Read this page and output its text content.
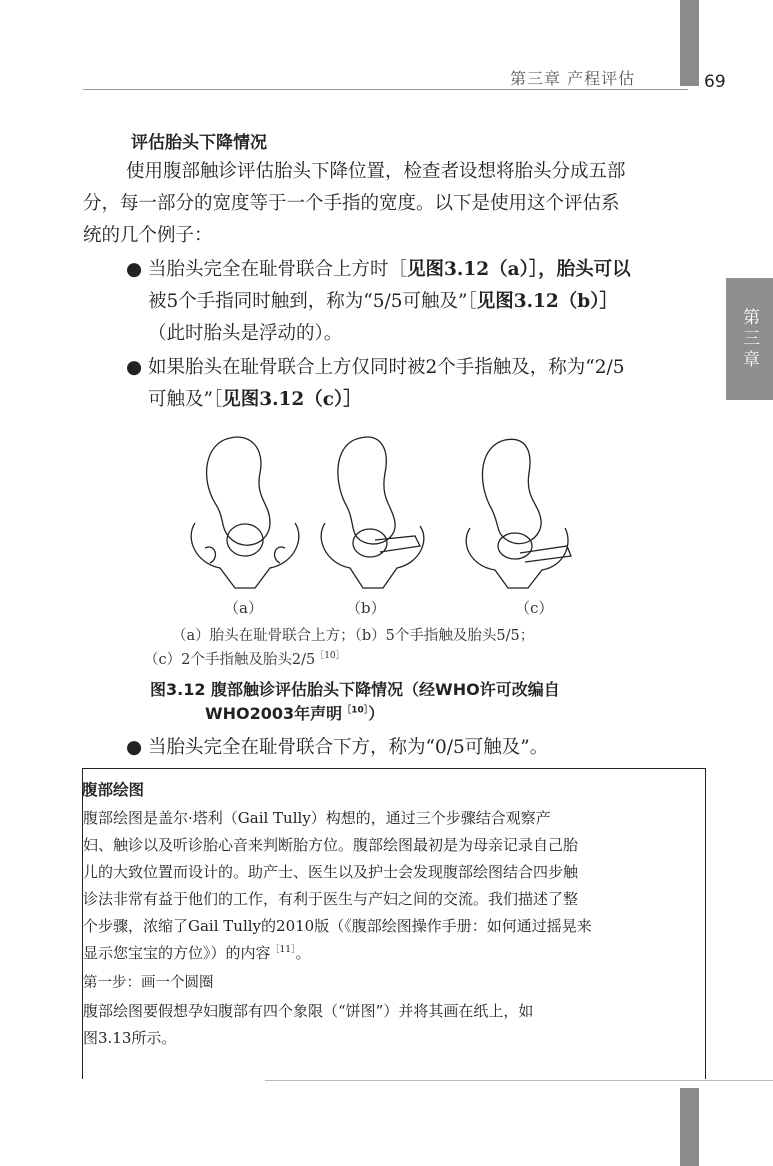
第三章 产程评估	69
第三章
评估胎头下降情况
使用腹部触诊评估胎头下降位置，检查者设想将胎头分成五部
分，每一部分的宽度等于一个手指的宽度。以下是使用这个评估系
统的几个例子：
● 当胎头完全在耻骨联合上方时［见图3.12（a）］，胎头可以
被5个手指同时触到，称为“5/5可触及”［见图3.12（b）］
（此时胎头是浮动的）。
● 如果胎头在耻骨联合上方仅同时被2个手指触及，称为“2/5
可触及”［见图3.12（c）］
（a）	（b）	（c）
（a）胎头在耻骨联合上方；（b）5个手指触及胎头5/5；
（c）2个手指触及胎头$2/5^{[10]}$
图3.12 腹部触诊评估胎头下降情况（经WHO许可改编自
WHO2003年声明$^{[10]}$）
● 当胎头完全在耻骨联合下方，称为“0/5可触及”。
腹部绘图
腹部绘图是盖尔·塔利（Gail Tully）构想的，通过三个步骤结合观察产
妇、触诊以及听诊胎心音来判断胎方位。腹部绘图最初是为母亲记录自己胎
儿的大致位置而设计的。助产士、医生以及护士会发现腹部绘图结合四步触
诊法非常有益于他们的工作，有利于医生与产妇之间的交流。我们描述了整
个步骤，浓缩了Gail Tully的2010版（《腹部绘图操作手册：如何通过摇晃来
显示您宝宝的方位》）的内容$^{[11]}$。
第一步：画一个圆圈
腹部绘图要假想孕妇腹部有四个象限（“饼图”）并将其画在纸上，如
图3.13所示。
